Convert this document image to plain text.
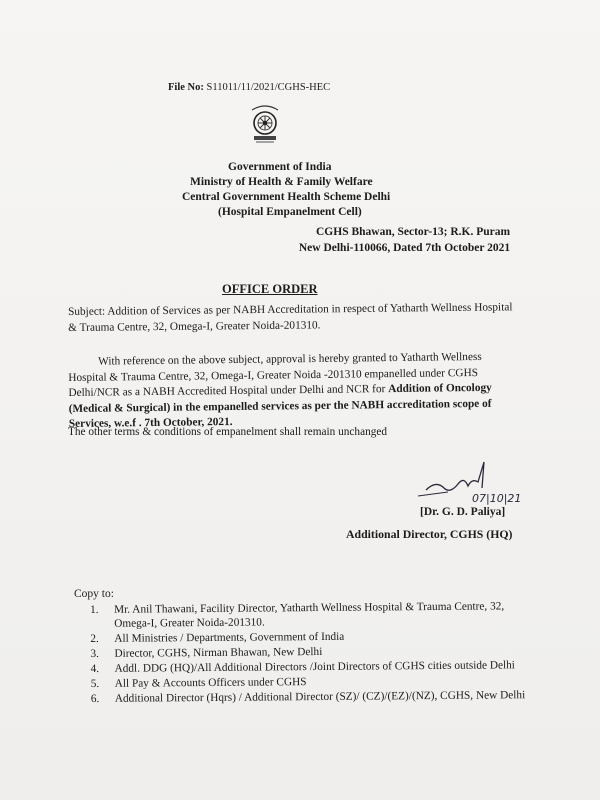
File No: S11011/11/2021/CGHS-HEC
Government of India
Ministry of Health & Family Welfare
Central Government Health Scheme Delhi
(Hospital Empanelment Cell)
CGHS Bhawan, Sector-13; R.K. Puram
New Delhi-110066, Dated 7th October 2021
OFFICE ORDER
Subject: Addition of Services as per NABH Accreditation in respect of Yatharth Wellness Hospital & Trauma Centre, 32, Omega-I, Greater Noida-201310.
With reference on the above subject, approval is hereby granted to Yatharth Wellness Hospital & Trauma Centre, 32, Omega-I, Greater Noida -201310 empanelled under CGHS Delhi/NCR as a NABH Accredited Hospital under Delhi and NCR for Addition of Oncology (Medical & Surgical) in the empanelled services as per the NABH accreditation scope of Services, w.e.f . 7th October, 2021.
The other terms & conditions of empanelment shall remain unchanged
07|10|21
[Dr. G. D. Paliya]
Additional Director, CGHS (HQ)
Copy to:
1.	Mr. Anil Thawani, Facility Director, Yatharth Wellness Hospital & Trauma Centre, 32, Omega-I, Greater Noida-201310.
2.	All Ministries / Departments, Government of India
3.	Director, CGHS, Nirman Bhawan, New Delhi
4.	Addl. DDG (HQ)/All Additional Directors /Joint Directors of CGHS cities outside Delhi
5.	All Pay & Accounts Officers under CGHS
6.	Additional Director (Hqrs) / Additional Director (SZ)/ (CZ)/(EZ)/(NZ), CGHS, New Delhi
